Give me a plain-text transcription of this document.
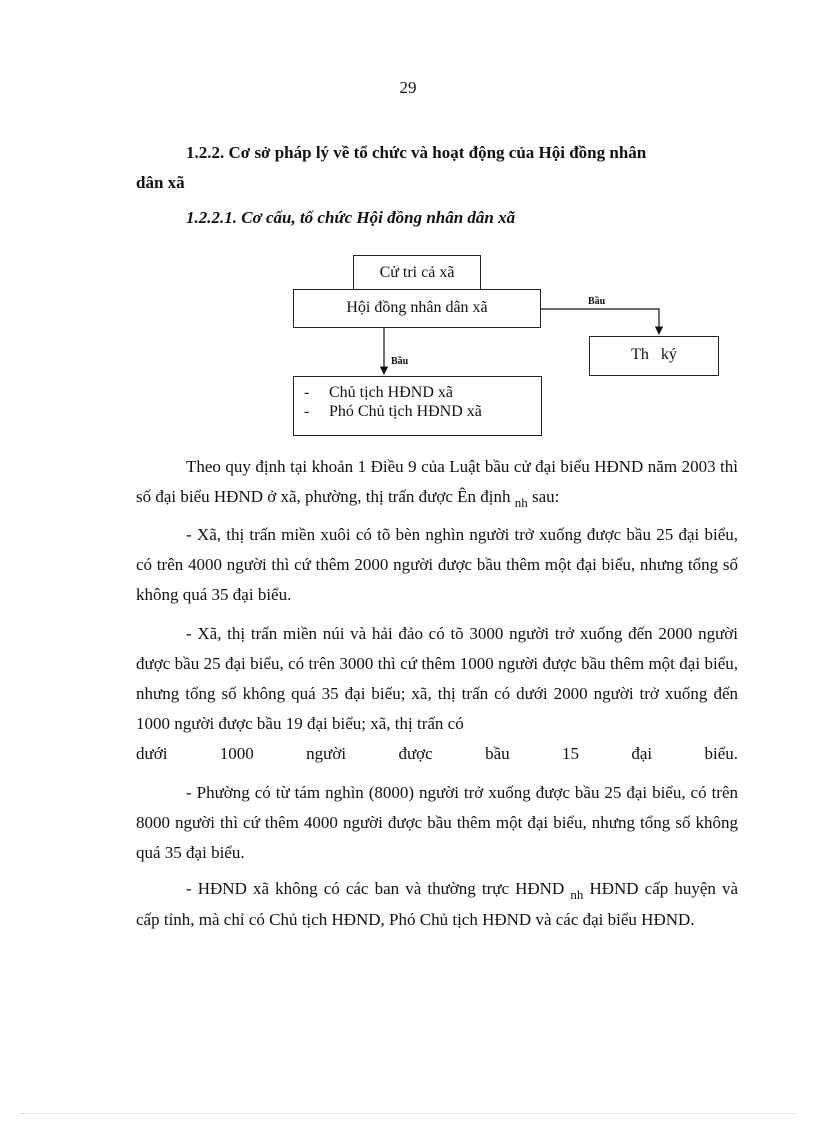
29
1.2.2. Cơ sở pháp lý về tổ chức và hoạt động của Hội đồng nhân
dân xã
1.2.2.1. Cơ cấu, tổ chức Hội đồng nhân dân xã
Cử tri cả xã
Hội đồng nhân dân xã
Th   ký
-	Chủ tịch HĐND xã
-	Phó Chủ tịch HĐND xã
Bầu
Bầu
Theo quy định tại khoản 1 Điều 9 của Luật bầu cử đại biểu HĐND năm 2003 thì số đại biểu HĐND ở xã, phường, thị trấn được Ên định $_{nh}$ sau:
- Xã, thị trấn miền xuôi có tõ bèn nghìn người trở xuống được bầu 25 đại biểu, có trên 4000 người thì cứ thêm 2000 người được bầu thêm một đại biểu, nhưng tổng số không quá 35 đại biểu.
- Xã, thị trấn miền núi và hải đảo có tõ 3000 người trở xuống đến 2000 người được bầu 25 đại biểu, có trên 3000 thì cứ thêm 1000 người được bầu thêm một đại biểu, nhưng tổng số không quá 35 đại biểu; xã, thị trấn có dưới 2000 người trở xuống đến 1000 người được bầu 19 đại biểu; xã, thị trấn có
dưới	1000	người	được	bầu	15	đại	biểu.
- Phường có từ tám nghìn (8000) người trở xuống được bầu 25 đại biểu, có trên 8000 người thì cứ thêm 4000 người được bầu thêm một đại biểu, nhưng tổng số không quá 35 đại biểu.
- HĐND xã không có các ban và thường trực HĐND $_{nh}$ HĐND cấp huyện và cấp tỉnh, mà chỉ có Chủ tịch HĐND, Phó Chủ tịch HĐND và các đại biểu HĐND.
